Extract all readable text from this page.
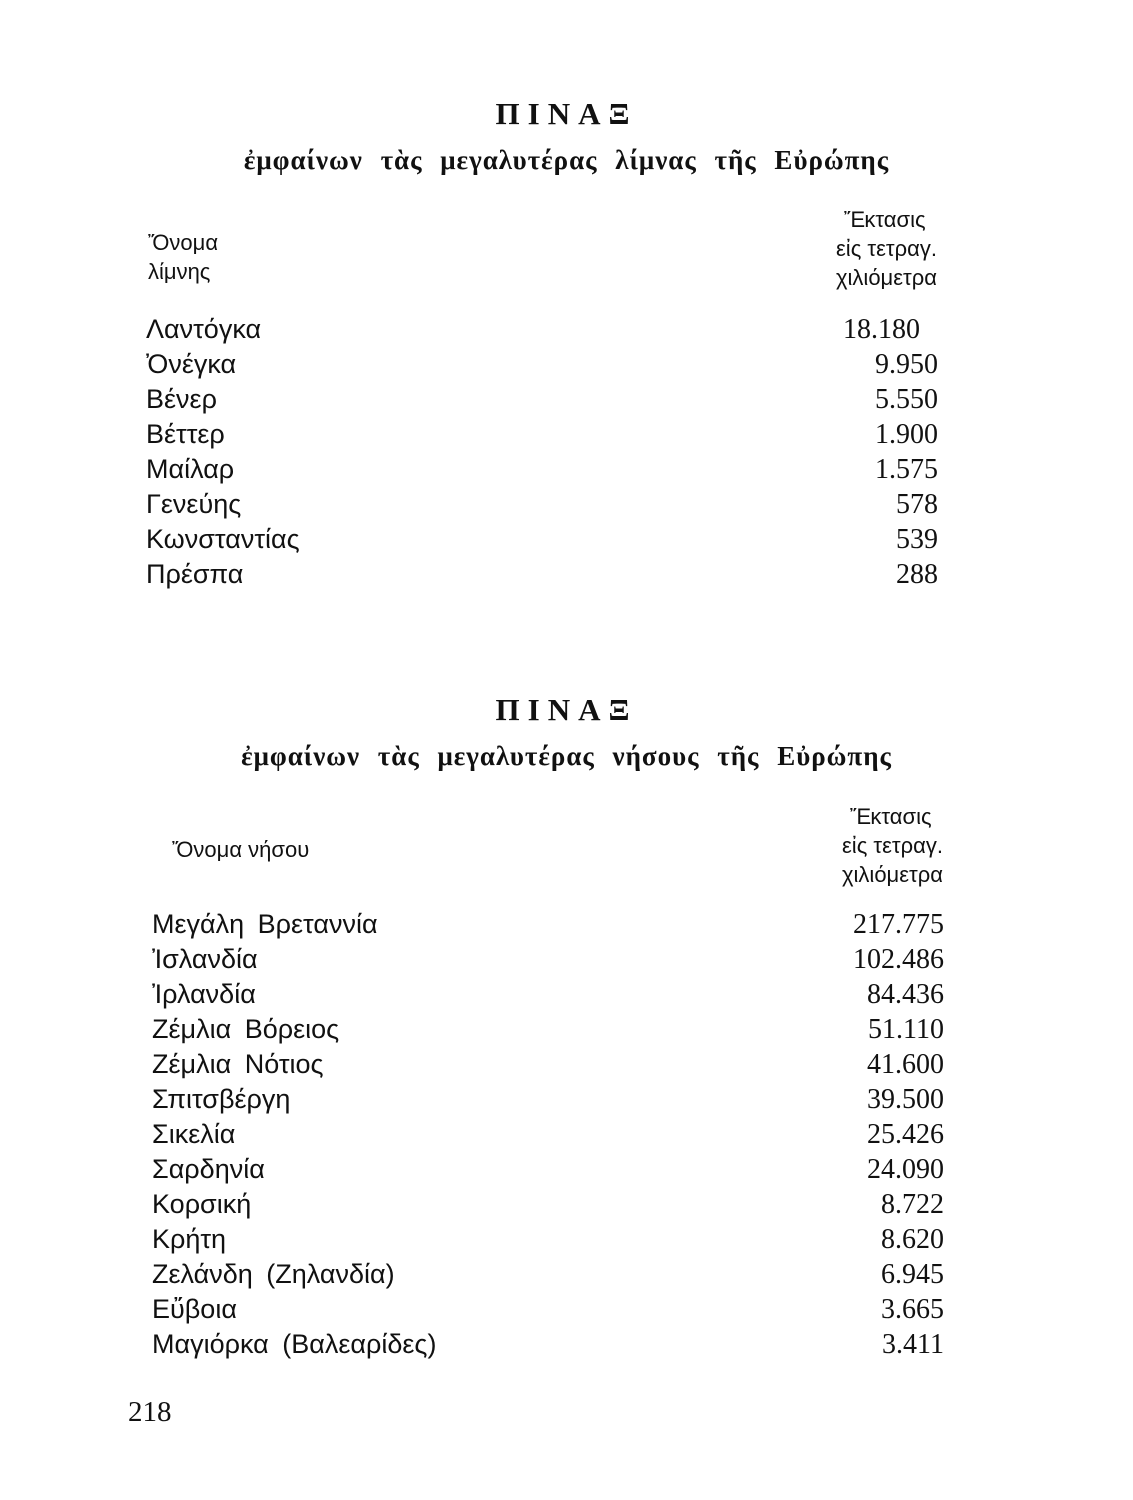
ΠΙΝΑΞ
ἐμφαίνων τὰς μεγαλυτέρας λίμνας τῆς Εὐρώπης
Ὄνομα
λίμνης
Ἔκτασις
εἰς τετραγ.
χιλιόμετρα
Λαντόγκα	18.180
Ὀνέγκα	9.950
Βένερ	5.550
Βέττερ	1.900
Μαίλαρ	1.575
Γενεύης	578
Κωνσταντίας	539
Πρέσπα	288
ΠΙΝΑΞ
ἐμφαίνων τὰς μεγαλυτέρας νήσους τῆς Εὐρώπης
Ὄνομα νήσου
Ἔκτασις
εἰς τετραγ.
χιλιόμετρα
Μεγάλη Βρεταννία	217.775
Ἰσλανδία	102.486
Ἰρλανδία	84.436
Ζέμλια Βόρειος	51.110
Ζέμλια Νότιος	41.600
Σπιτσβέργη	39.500
Σικελία	25.426
Σαρδηνία	24.090
Κορσική	8.722
Κρήτη	8.620
Ζελάνδη (Ζηλανδία)	6.945
Εὔβοια	3.665
Μαγιόρκα (Βαλεαρίδες)	3.411
218
